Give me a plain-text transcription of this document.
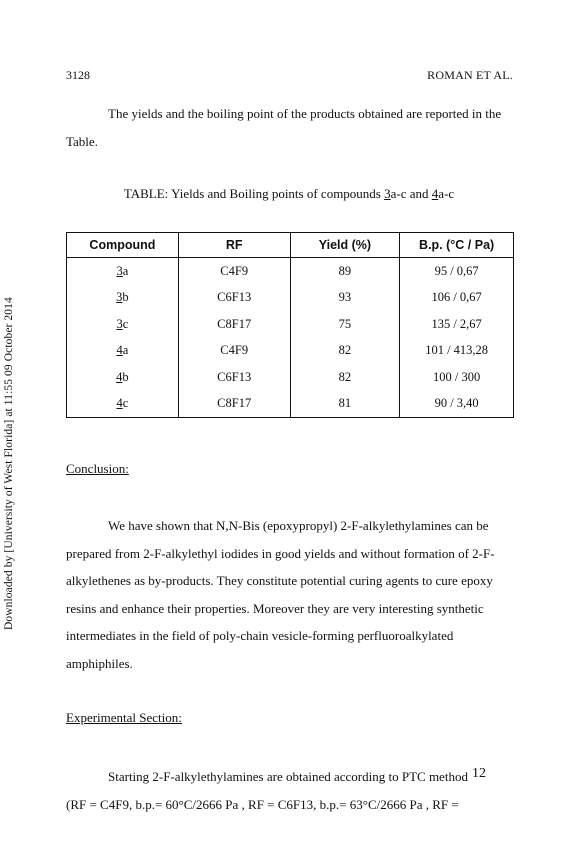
Downloaded by [University of West Florida] at 11:55 09 October 2014
3128	ROMAN ET AL.
The yields and the boiling point of the products obtained are reported in the
Table.
TABLE: Yields and Boiling points of compounds 3a-c and 4a-c
Compound	RF	Yield (%)	B.p. (°C / Pa)
3a	C4F9	89	95 / 0,67
3b	C6F13	93	106 / 0,67
3c	C8F17	75	135 / 2,67
4a	C4F9	82	101 / 413,28
4b	C6F13	82	100 / 300
4c	C8F17	81	90 / 3,40
Conclusion:
We have shown that N,N-Bis (epoxypropyl) 2-F-alkylethylamines can be
prepared from 2-F-alkylethyl iodides in good yields and without formation of 2-F-
alkylethenes as by-products. They constitute potential curing agents to cure epoxy
resins and enhance their properties. Moreover they are very interesting synthetic
intermediates in the field of poly-chain vesicle-forming perfluoroalkylated
amphiphiles.
Experimental Section:
Starting 2-F-alkylethylamines are obtained according to PTC method 12
(RF = C4F9, b.p.= 60°C/2666 Pa , RF = C6F13, b.p.= 63°C/2666 Pa , RF =
